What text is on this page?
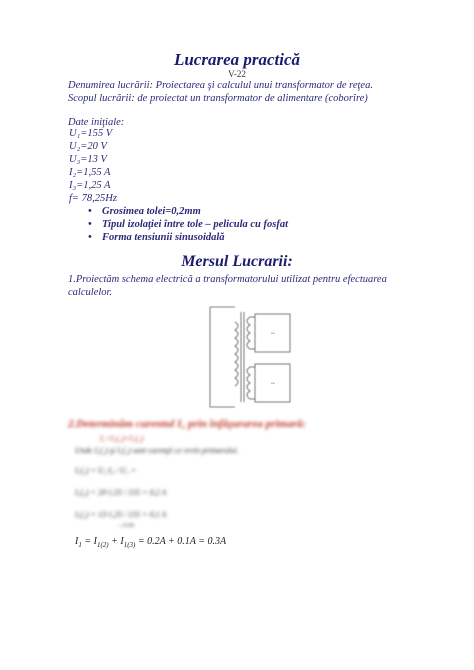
Lucrarea practică
V-22
Denumirea lucrării: Proiectarea şi calculul unui transformator de reţea.
Scopul lucrării: de proiectat un transformator de alimentare (coborîre)
Date iniţiale:
U₁=155 V
U₂=20 V
U₃=13 V
I₂=1,55 A
I₃=1,25 A
f= 78,25Hz
• Grosimea tolei=0,2mm
• Tipul izolaţiei între tole – pelicula cu fosfat
• Forma tensiunii sinusoidală
Mersul Lucrarii:
1.Proiectăm schema electrică a transformatorului utilizat pentru efectuarea calculelor.
~
~
2.Determinăm curentul I₁ prin înfăşurarea primară:
I₁=I₁(₂)+I₁(₃)
Unde I₁(₂) şi I₁(₃) sunt curenţii ce revin primarului.
I₁(₂) = U₂·I₂ / U₁ =
I₁(₂) = 20·1,55 / 155 = 0,2 A
I₁(₃) = 13·1,25 / 155 = 0,1 A
—0.04
$I_1 = I_{1(2)} + I_{1(3)} = 0.2A + 0.1A = 0.3A$
